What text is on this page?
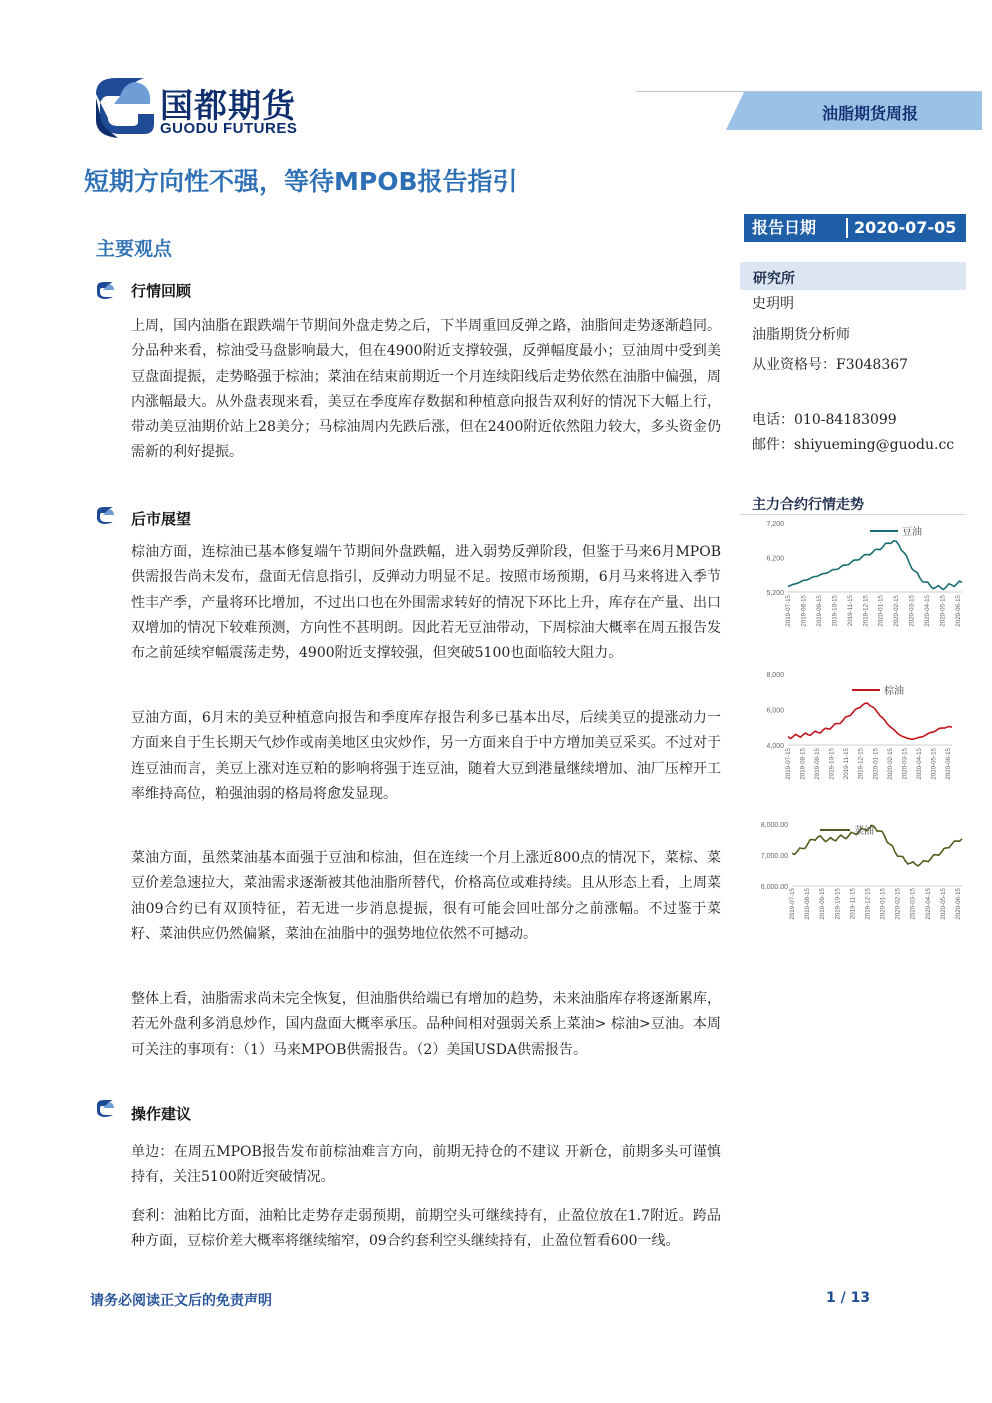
国都期货
GUODU FUTURES
油脂期货周报
短期方向性不强，等待MPOB报告指引
报告日期 2020-07-05
主要观点
行情回顾

上周，国内油脂在跟跌端午节期间外盘走势之后，下半周重回反弹之路，油脂间走势逐渐趋同。分品种来看，棕油受马盘影响最大，但在4900附近支撑较强，反弹幅度最小；豆油周中受到美豆盘面提振，走势略强于棕油；菜油在结束前期近一个月连续阳线后走势依然在油脂中偏强，周内涨幅最大。从外盘表现来看，美豆在季度库存数据和种植意向报告双利好的情况下大幅上行，带动美豆油期价站上28美分；马棕油周内先跌后涨，但在2400附近依然阻力较大，多头资金仍需新的利好提振。

后市展望

棕油方面，连棕油已基本修复端午节期间外盘跌幅，进入弱势反弹阶段，但鉴于马来6月MPOB供需报告尚未发布，盘面无信息指引，反弹动力明显不足。按照市场预期，6月马来将进入季节性丰产季，产量将环比增加，不过出口也在外围需求转好的情况下环比上升，库存在产量、出口双增加的情况下较难预测，方向性不甚明朗。因此若无豆油带动，下周棕油大概率在周五报告发布之前延续窄幅震荡走势，4900附近支撑较强，但突破5100也面临较大阻力。

豆油方面，6月末的美豆种植意向报告和季度库存报告利多已基本出尽，后续美豆的提涨动力一方面来自于生长期天气炒作或南美地区虫灾炒作，另一方面来自于中方增加美豆采买。不过对于连豆油而言，美豆上涨对连豆粕的影响将强于连豆油，随着大豆到港量继续增加、油厂压榨开工率维持高位，粕强油弱的格局将愈发显现。

菜油方面，虽然菜油基本面强于豆油和棕油，但在连续一个月上涨近800点的情况下，菜棕、菜豆价差急速拉大，菜油需求逐渐被其他油脂所替代，价格高位或难持续。且从形态上看，上周菜油09合约已有双顶特征，若无进一步消息提振，很有可能会回吐部分之前涨幅。不过鉴于菜籽、菜油供应仍然偏紧，菜油在油脂中的强势地位依然不可撼动。

整体上看，油脂需求尚未完全恢复，但油脂供给端已有增加的趋势，未来油脂库存将逐渐累库，若无外盘利多消息炒作，国内盘面大概率承压。品种间相对强弱关系上菜油> 棕油>豆油。本周可关注的事项有：（1）马来MPOB供需报告。（2）美国USDA供需报告。

操作建议

单边：在周五MPOB报告发布前棕油难言方向，前期无持仓的不建议 开新仓，前期多头可谨慎持有，关注5100附近突破情况。

套利：油粕比方面，油粕比走势存走弱预期，前期空头可继续持有，止盈位放在1.7附近。跨品种方面，豆棕价差大概率将继续缩窄，09合约套利空头继续持有，止盈位暂看600一线。

研究所
史玥明
油脂期货分析师
从业资格号：F3048367
电话：010-84183099
邮件：shiyueming@guodu.cc
主力合约行情走势
7,200
6,200
5,200
豆油
2019-07-15 2019-08-15 2019-09-15 2019-10-15 2019-11-15 2019-12-15 2020-01-15 2020-02-15 2020-03-15 2020-04-15 2020-05-15 2020-06-15
8,000
6,000
4,000
棕油
2019-07-15 2019-08-15 2019-09-15 2019-10-15 2019-11-15 2019-12-15 2020-01-15 2020-02-15 2020-03-15 2020-04-15 2020-05-15 2020-06-15
8,000.00
7,000.00
6,000.00
菜油
2019-07-15 2019-08-15 2019-09-15 2019-10-15 2019-11-15 2019-12-15 2020-01-15 2020-02-15 2020-03-15 2020-04-15 2020-05-15 2020-06-15
请务必阅读正文后的免责声明	1 / 13
